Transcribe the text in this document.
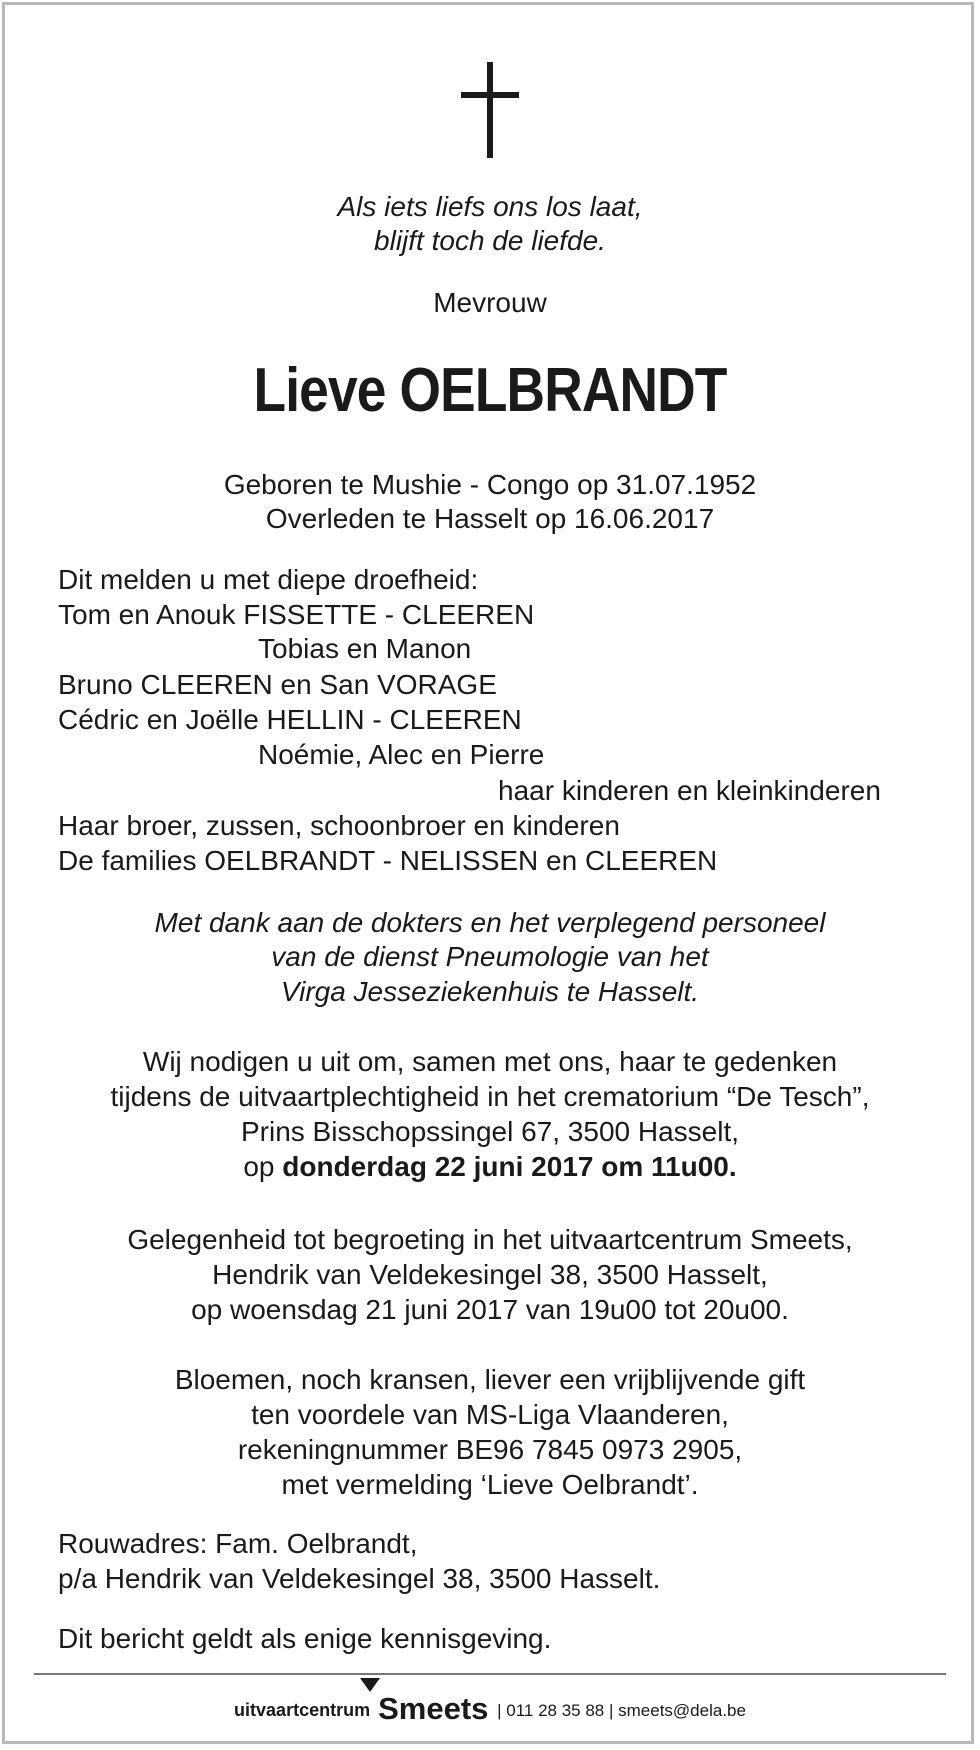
Als iets liefs ons los laat,
blijft toch de liefde.
Mevrouw
Lieve OELBRANDT
Geboren te Mushie - Congo op 31.07.1952
Overleden te Hasselt op 16.06.2017
Dit melden u met diepe droefheid:
Tom en Anouk FISSETTE - CLEEREN
Tobias en Manon
Bruno CLEEREN en San VORAGE
Cédric en Joëlle HELLIN - CLEEREN
Noémie, Alec en Pierre
haar kinderen en kleinkinderen
Haar broer, zussen, schoonbroer en kinderen
De families OELBRANDT - NELISSEN en CLEEREN
Met dank aan de dokters en het verplegend personeel
van de dienst Pneumologie van het
Virga Jesseziekenhuis te Hasselt.
Wij nodigen u uit om, samen met ons, haar te gedenken
tijdens de uitvaartplechtigheid in het crematorium “De Tesch”,
Prins Bisschopssingel 67, 3500 Hasselt,
op donderdag 22 juni 2017 om 11u00.
Gelegenheid tot begroeting in het uitvaartcentrum Smeets,
Hendrik van Veldekesingel 38, 3500 Hasselt,
op woensdag 21 juni 2017 van 19u00 tot 20u00.
Bloemen, noch kransen, liever een vrijblijvende gift
ten voordele van MS-Liga Vlaanderen,
rekeningnummer BE96 7845 0973 2905,
met vermelding ‘Lieve Oelbrandt’.
Rouwadres: Fam. Oelbrandt,
p/a Hendrik van Veldekesingel 38, 3500 Hasselt.
Dit bericht geldt als enige kennisgeving.
uitvaartcentrum Smeets | 011 28 35 88 | smeets@dela.be
